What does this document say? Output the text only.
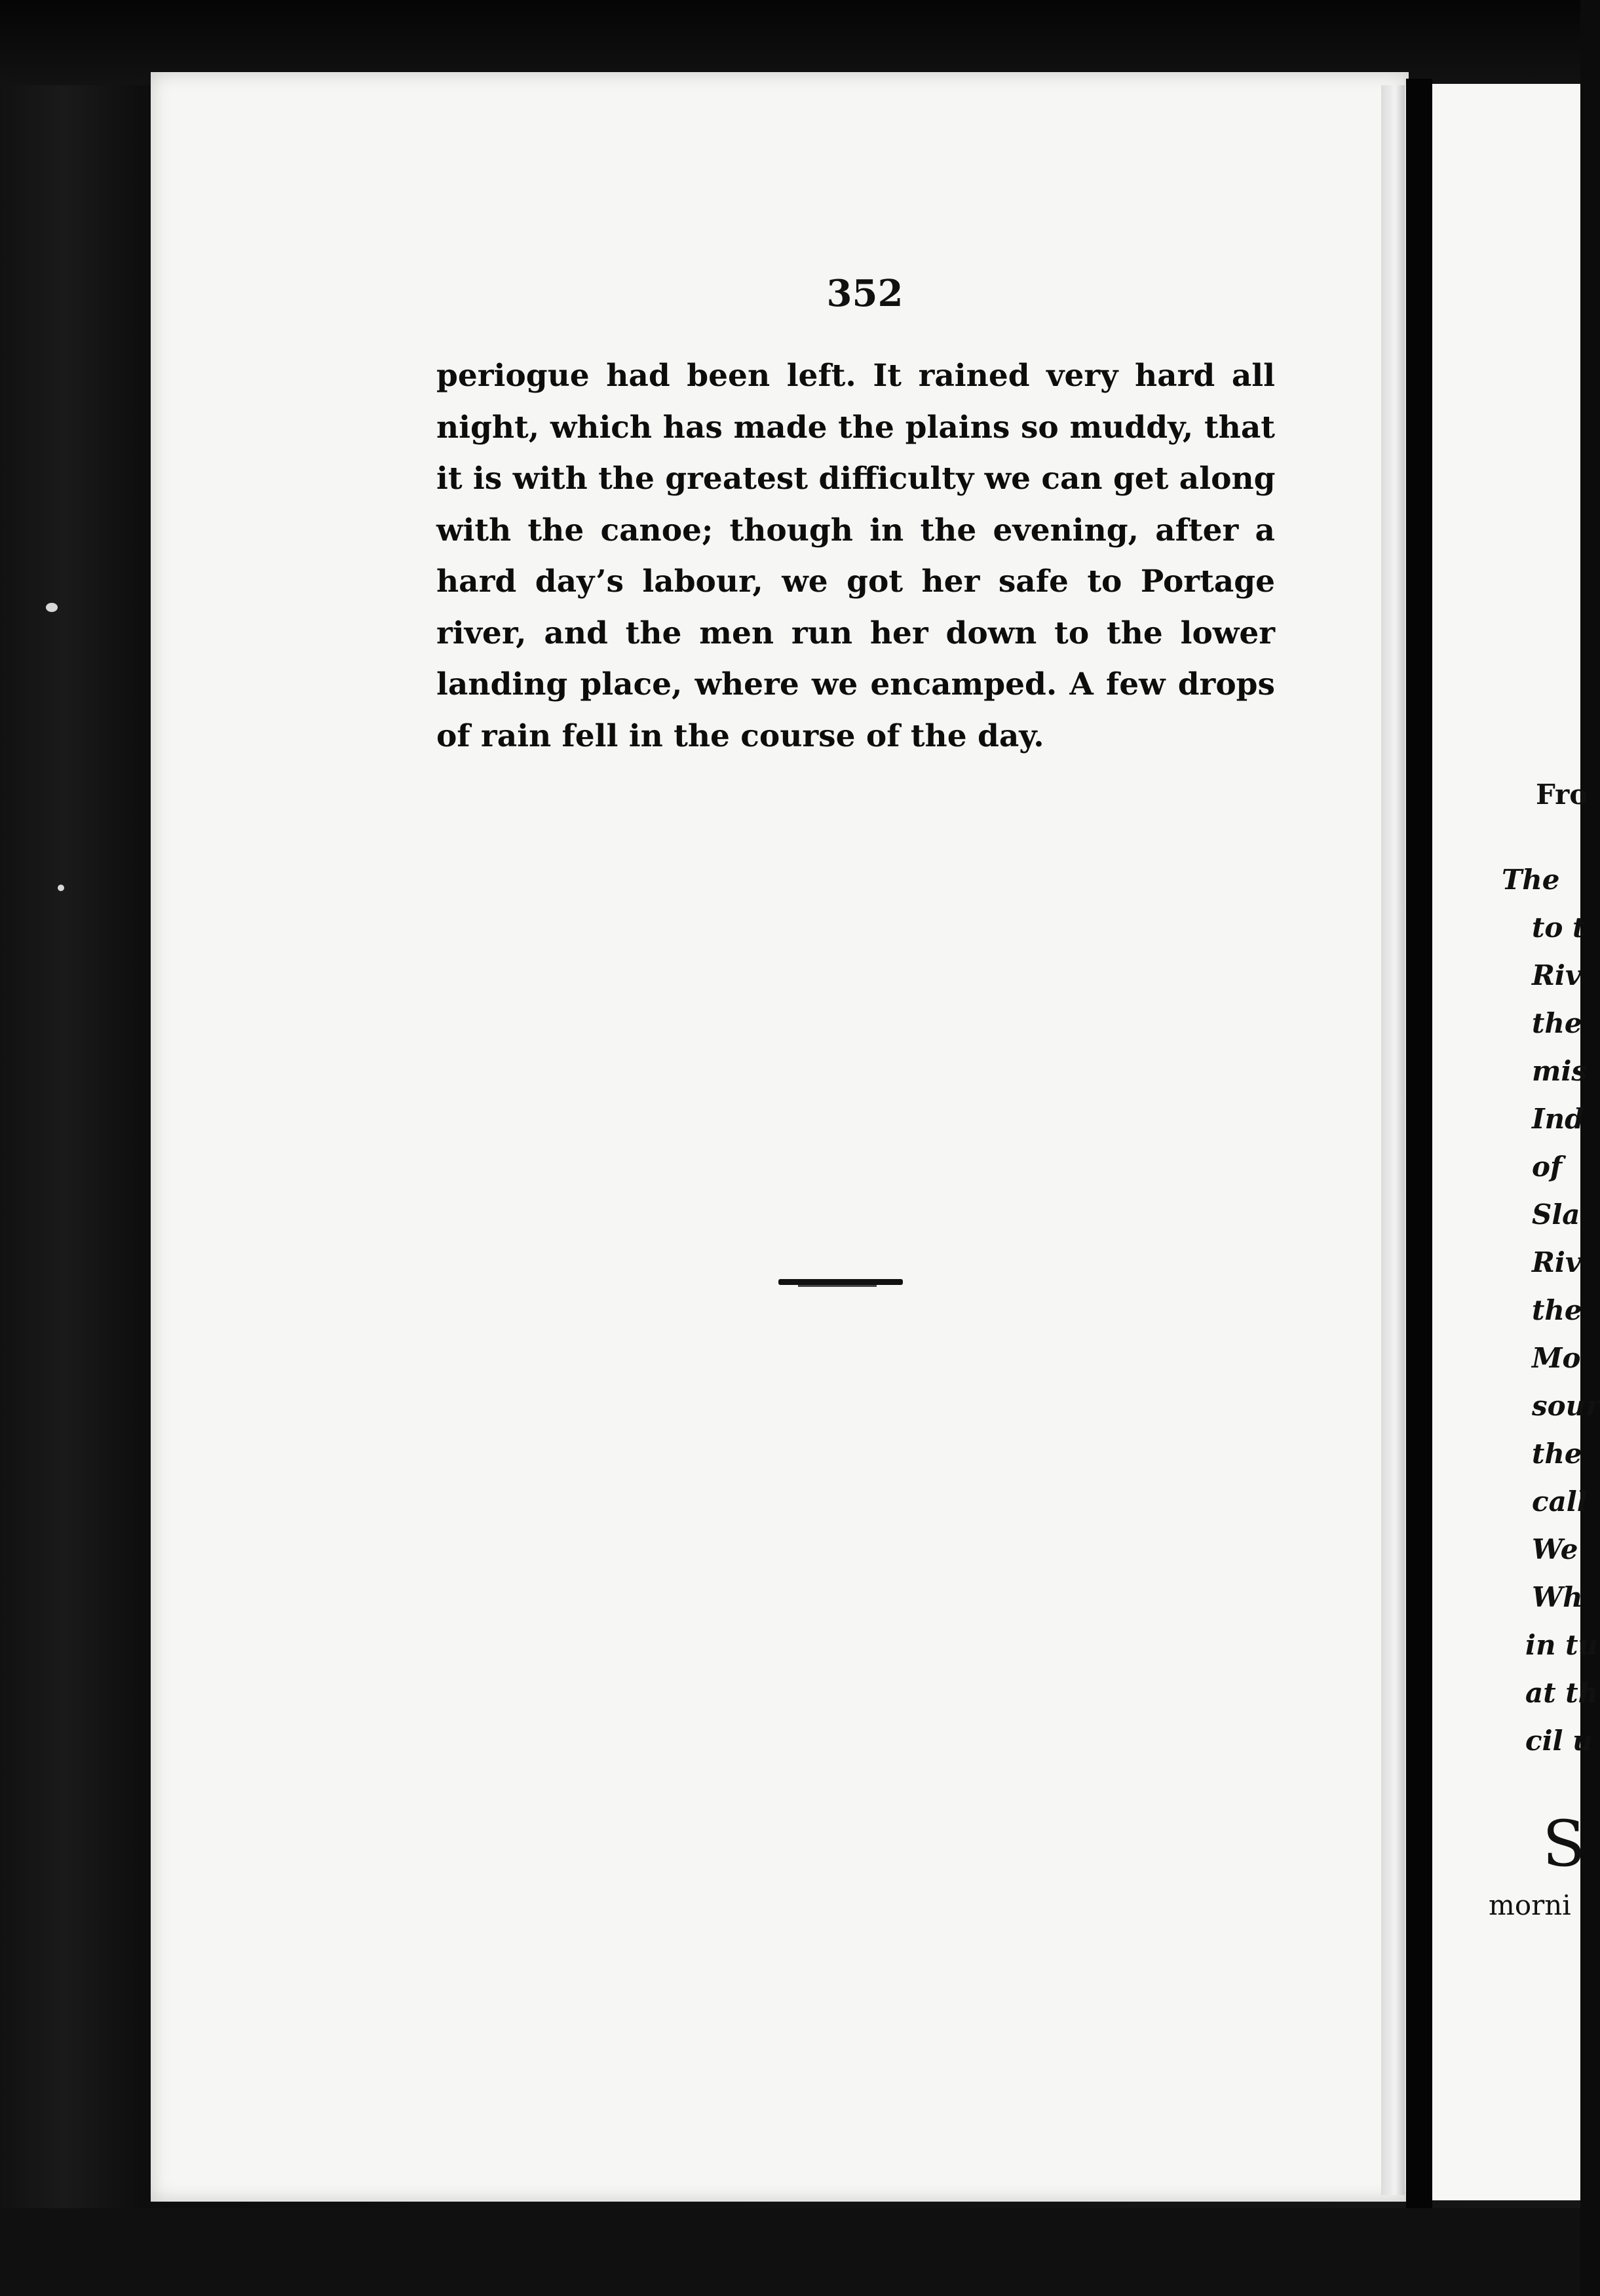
352

periogue had been left. It rained very hard all
night, which has made the plains so muddy, that
it is with the greatest difficulty we can get along
with the canoe; though in the evening, after a
hard day’s labour, we got her safe to Portage
river, and the men run her down to the lower
landing place, where we encamped. A few drops
of rain fell in the course of the day.

Fro
The
to t
Riv
the
mis
Ind
of
Sla
Riv
the
Mo
sour
the
call
We
Wh
in tu
at th
cil u
S
morni
